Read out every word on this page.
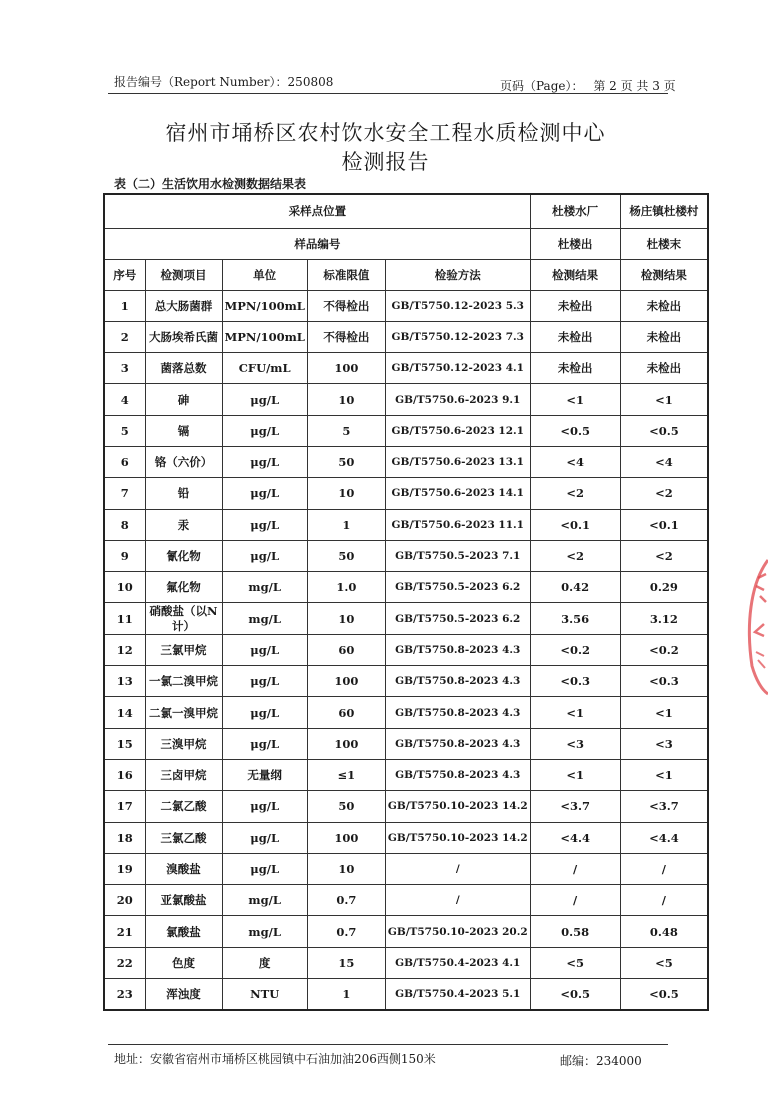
报告编号（Report Number）：250808	页码（Page）： 第 2 页 共 3 页
宿州市埇桥区农村饮水安全工程水质检测中心
检测报告
表（二）生活饮用水检测数据结果表
采样点位置					杜楼水厂	杨庄镇杜楼村
样品编号					杜楼出	杜楼末
序号	检测项目	单位	标准限值	检验方法	检测结果	检测结果
1	总大肠菌群	MPN/100mL	不得检出	GB/T5750.12-2023 5.3	未检出	未检出
2	大肠埃希氏菌	MPN/100mL	不得检出	GB/T5750.12-2023 7.3	未检出	未检出
3	菌落总数	CFU/mL	100	GB/T5750.12-2023 4.1	未检出	未检出
4	砷	μg/L	10	GB/T5750.6-2023 9.1	<1	<1
5	镉	μg/L	5	GB/T5750.6-2023 12.1	<0.5	<0.5
6	铬（六价）	μg/L	50	GB/T5750.6-2023 13.1	<4	<4
7	铅	μg/L	10	GB/T5750.6-2023 14.1	<2	<2
8	汞	μg/L	1	GB/T5750.6-2023 11.1	<0.1	<0.1
9	氰化物	μg/L	50	GB/T5750.5-2023 7.1	<2	<2
10	氟化物	mg/L	1.0	GB/T5750.5-2023 6.2	0.42	0.29
11	硝酸盐（以N计）	mg/L	10	GB/T5750.5-2023 6.2	3.56	3.12
12	三氯甲烷	μg/L	60	GB/T5750.8-2023 4.3	<0.2	<0.2
13	一氯二溴甲烷	μg/L	100	GB/T5750.8-2023 4.3	<0.3	<0.3
14	二氯一溴甲烷	μg/L	60	GB/T5750.8-2023 4.3	<1	<1
15	三溴甲烷	μg/L	100	GB/T5750.8-2023 4.3	<3	<3
16	三卤甲烷	无量纲	≤1	GB/T5750.8-2023 4.3	<1	<1
17	二氯乙酸	μg/L	50	GB/T5750.10-2023 14.2	<3.7	<3.7
18	三氯乙酸	μg/L	100	GB/T5750.10-2023 14.2	<4.4	<4.4
19	溴酸盐	μg/L	10	/	/	/
20	亚氯酸盐	mg/L	0.7	/	/	/
21	氯酸盐	mg/L	0.7	GB/T5750.10-2023 20.2	0.58	0.48
22	色度	度	15	GB/T5750.4-2023 4.1	<5	<5
23	浑浊度	NTU	1	GB/T5750.4-2023 5.1	<0.5	<0.5
地址：安徽省宿州市埇桥区桃园镇中石油加油206西侧150米	邮编：234000
